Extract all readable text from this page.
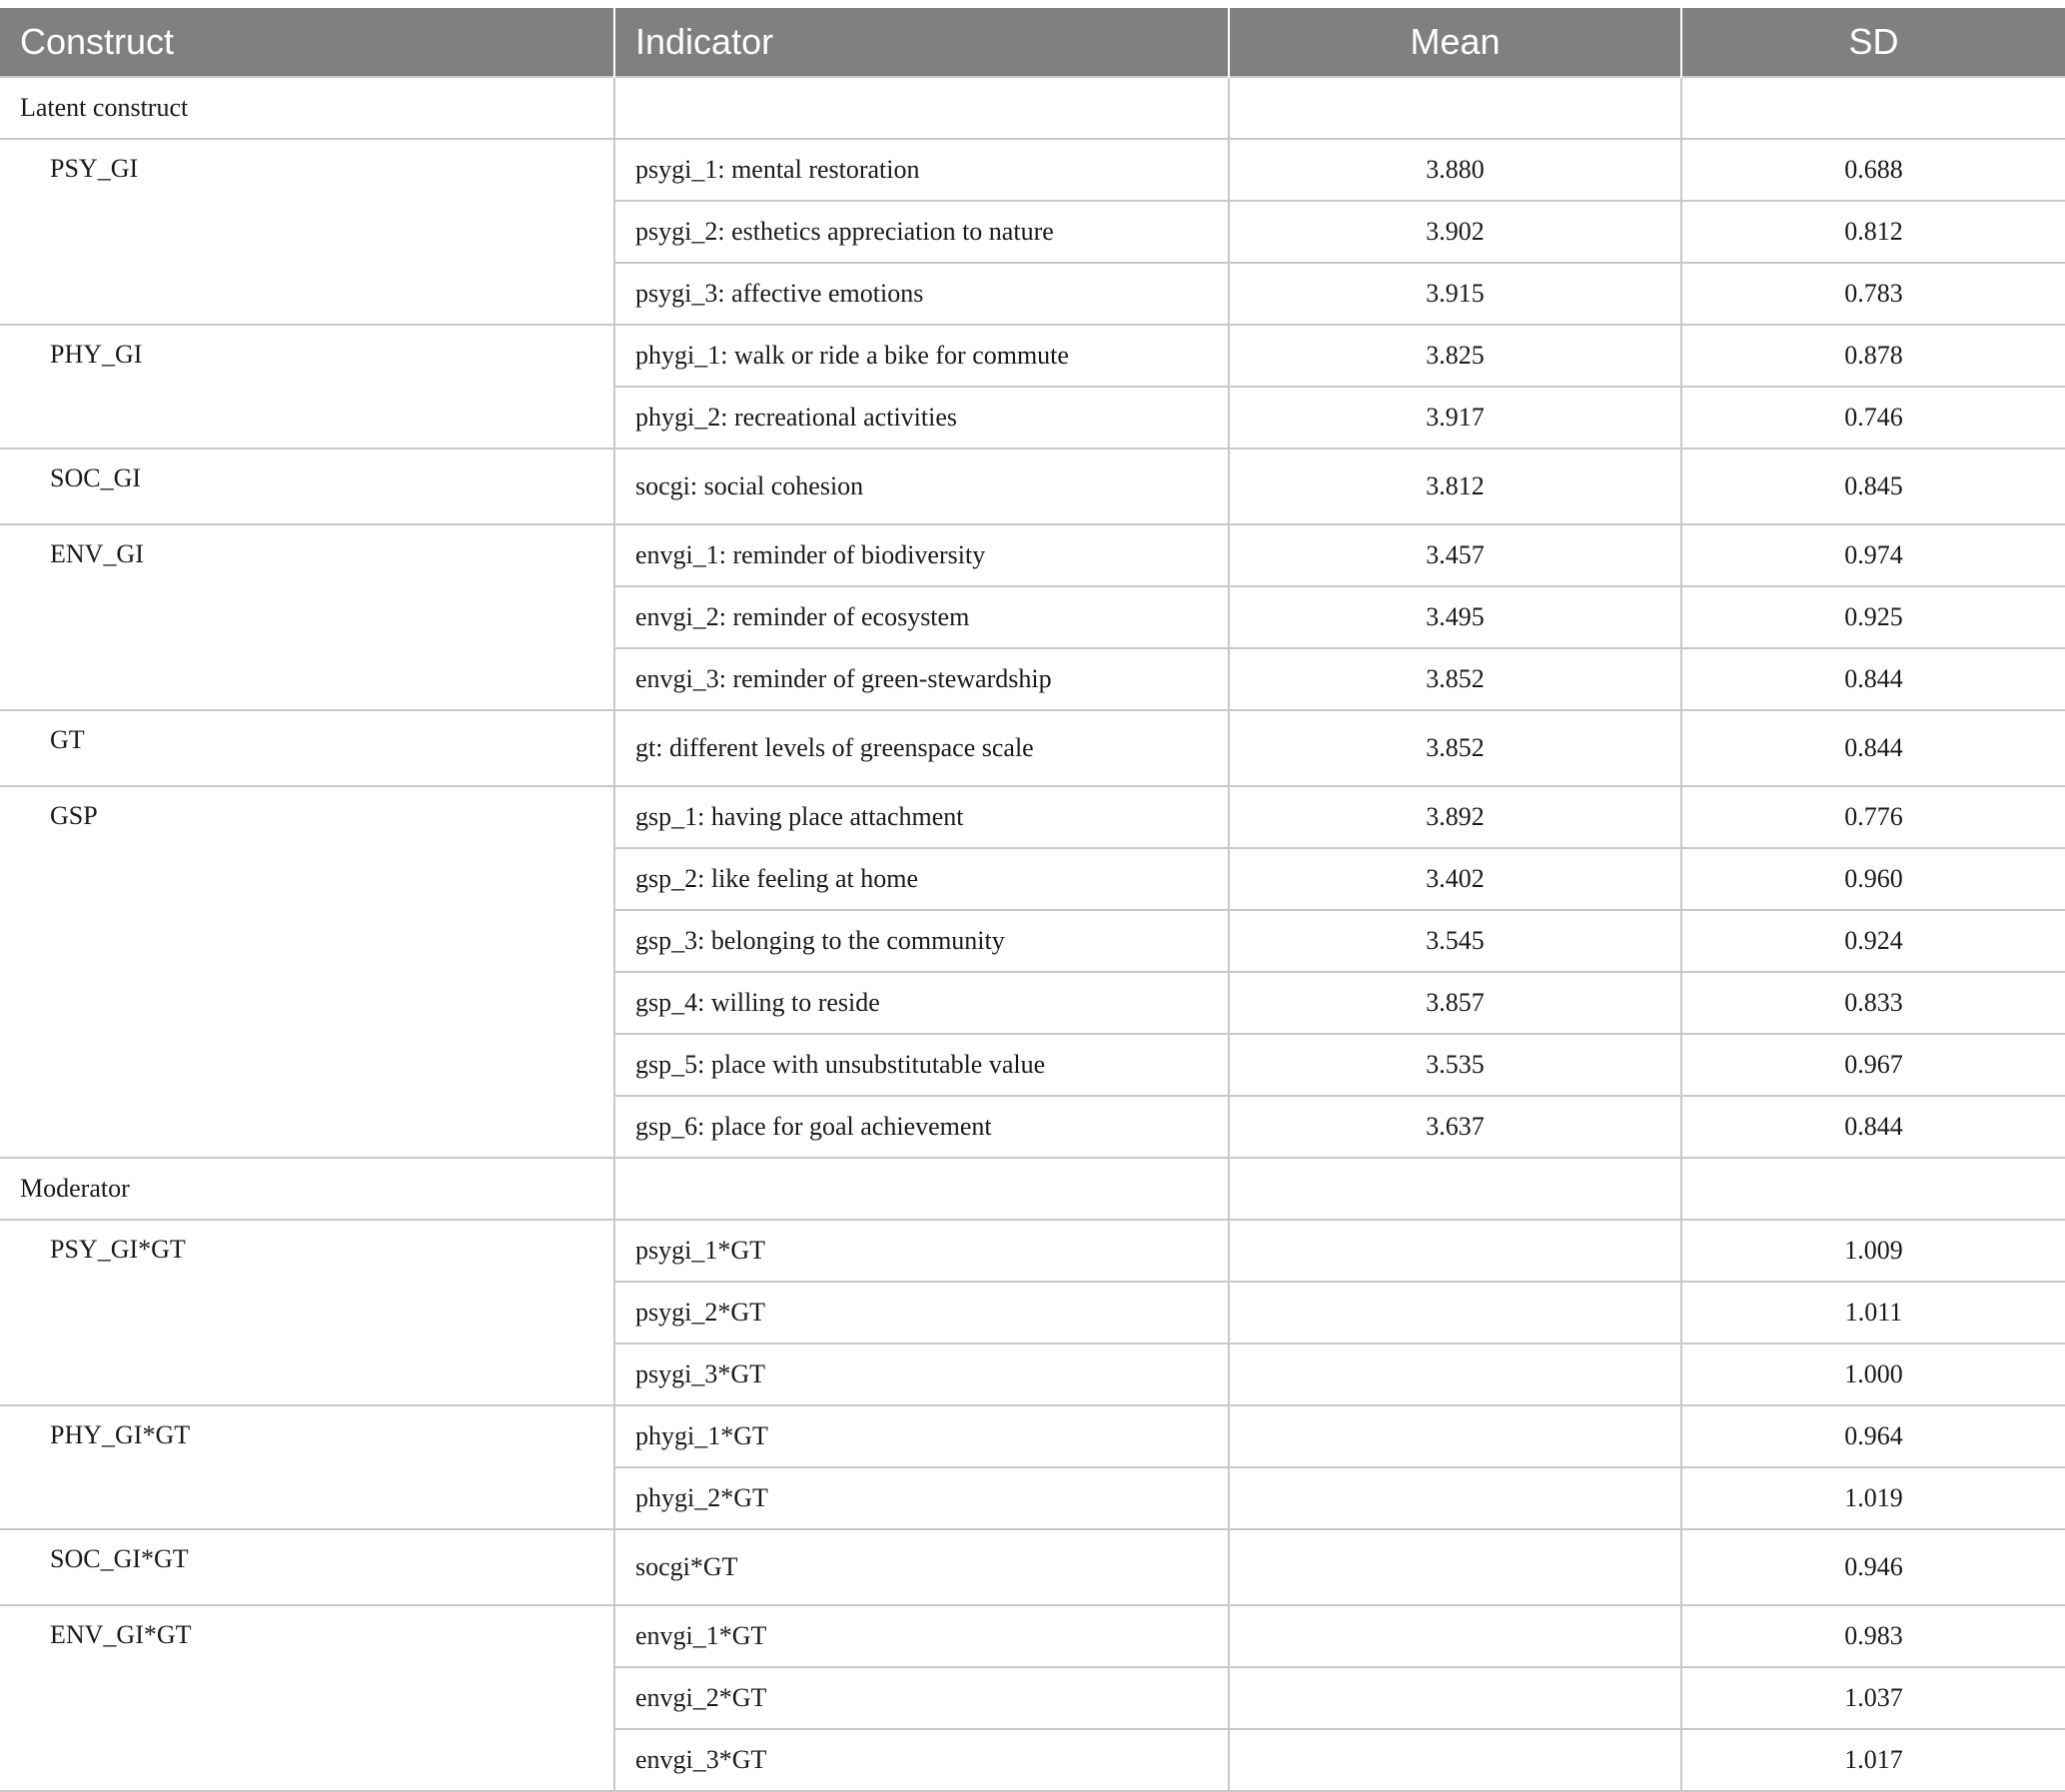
Construct	Indicator	Mean	SD
Latent construct			
PSY_GI	psygi_1: mental restoration	3.880	0.688
	psygi_2: esthetics appreciation to nature	3.902	0.812
	psygi_3: affective emotions	3.915	0.783
PHY_GI	phygi_1: walk or ride a bike for commute	3.825	0.878
	phygi_2: recreational activities	3.917	0.746
SOC_GI	socgi: social cohesion	3.812	0.845
ENV_GI	envgi_1: reminder of biodiversity	3.457	0.974
	envgi_2: reminder of ecosystem	3.495	0.925
	envgi_3: reminder of green-stewardship	3.852	0.844
GT	gt: different levels of greenspace scale	3.852	0.844
GSP	gsp_1: having place attachment	3.892	0.776
	gsp_2: like feeling at home	3.402	0.960
	gsp_3: belonging to the community	3.545	0.924
	gsp_4: willing to reside	3.857	0.833
	gsp_5: place with unsubstitutable value	3.535	0.967
	gsp_6: place for goal achievement	3.637	0.844
Moderator			
PSY_GI*GT	psygi_1*GT		1.009
	psygi_2*GT		1.011
	psygi_3*GT		1.000
PHY_GI*GT	phygi_1*GT		0.964
	phygi_2*GT		1.019
SOC_GI*GT	socgi*GT		0.946
ENV_GI*GT	envgi_1*GT		0.983
	envgi_2*GT		1.037
	envgi_3*GT		1.017
